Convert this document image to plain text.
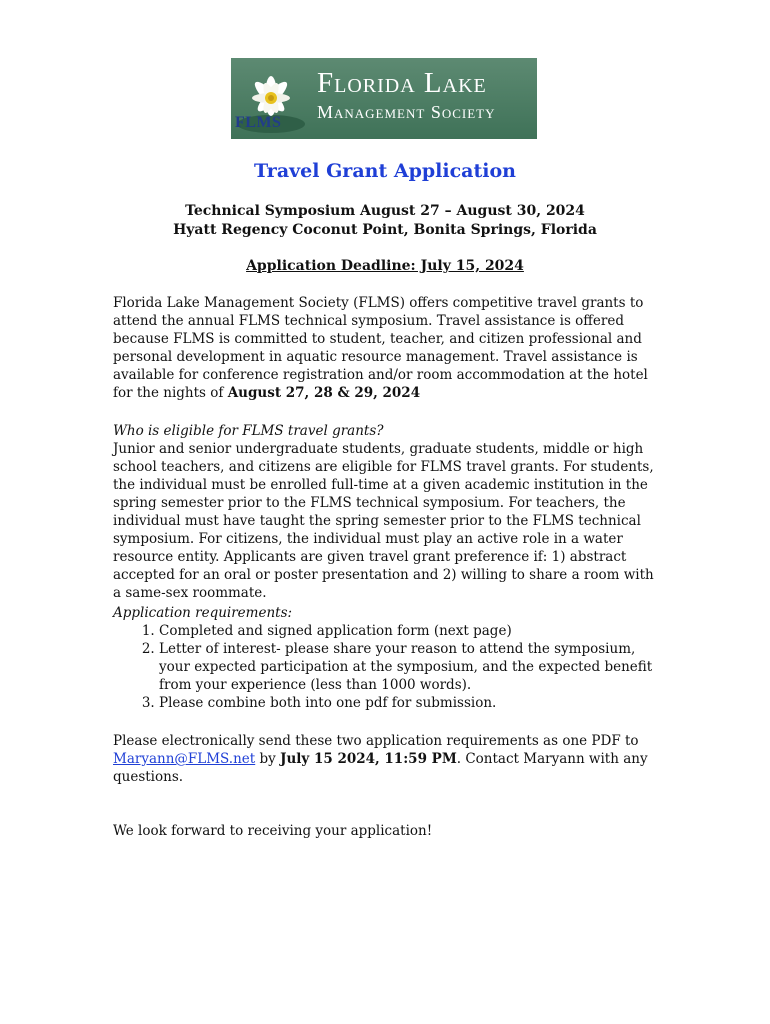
FLMS
Florida Lake
Management Society
Travel Grant Application
Technical Symposium August 27 – August 30, 2024
Hyatt Regency Coconut Point, Bonita Springs, Florida
Application Deadline: July 15, 2024
Florida Lake Management Society (FLMS) offers competitive travel grants to attend the annual FLMS technical symposium. Travel assistance is offered because FLMS is committed to student, teacher, and citizen professional and personal development in aquatic resource management. Travel assistance is available for conference registration and/or room accommodation at the hotel for the nights of August 27, 28 & 29, 2024
Who is eligible for FLMS travel grants?
Junior and senior undergraduate students, graduate students, middle or high school teachers, and citizens are eligible for FLMS travel grants. For students, the individual must be enrolled full-time at a given academic institution in the spring semester prior to the FLMS technical symposium. For teachers, the individual must have taught the spring semester prior to the FLMS technical symposium. For citizens, the individual must play an active role in a water resource entity. Applicants are given travel grant preference if: 1) abstract accepted for an oral or poster presentation and 2) willing to share a room with a same-sex roommate.
Application requirements:
1. Completed and signed application form (next page)
2. Letter of interest- please share your reason to attend the symposium, your expected participation at the symposium, and the expected benefit from your experience (less than 1000 words).
3. Please combine both into one pdf for submission.
Please electronically send these two application requirements as one PDF to Maryann@FLMS.net by July 15 2024, 11:59 PM. Contact Maryann with any questions.
We look forward to receiving your application!
